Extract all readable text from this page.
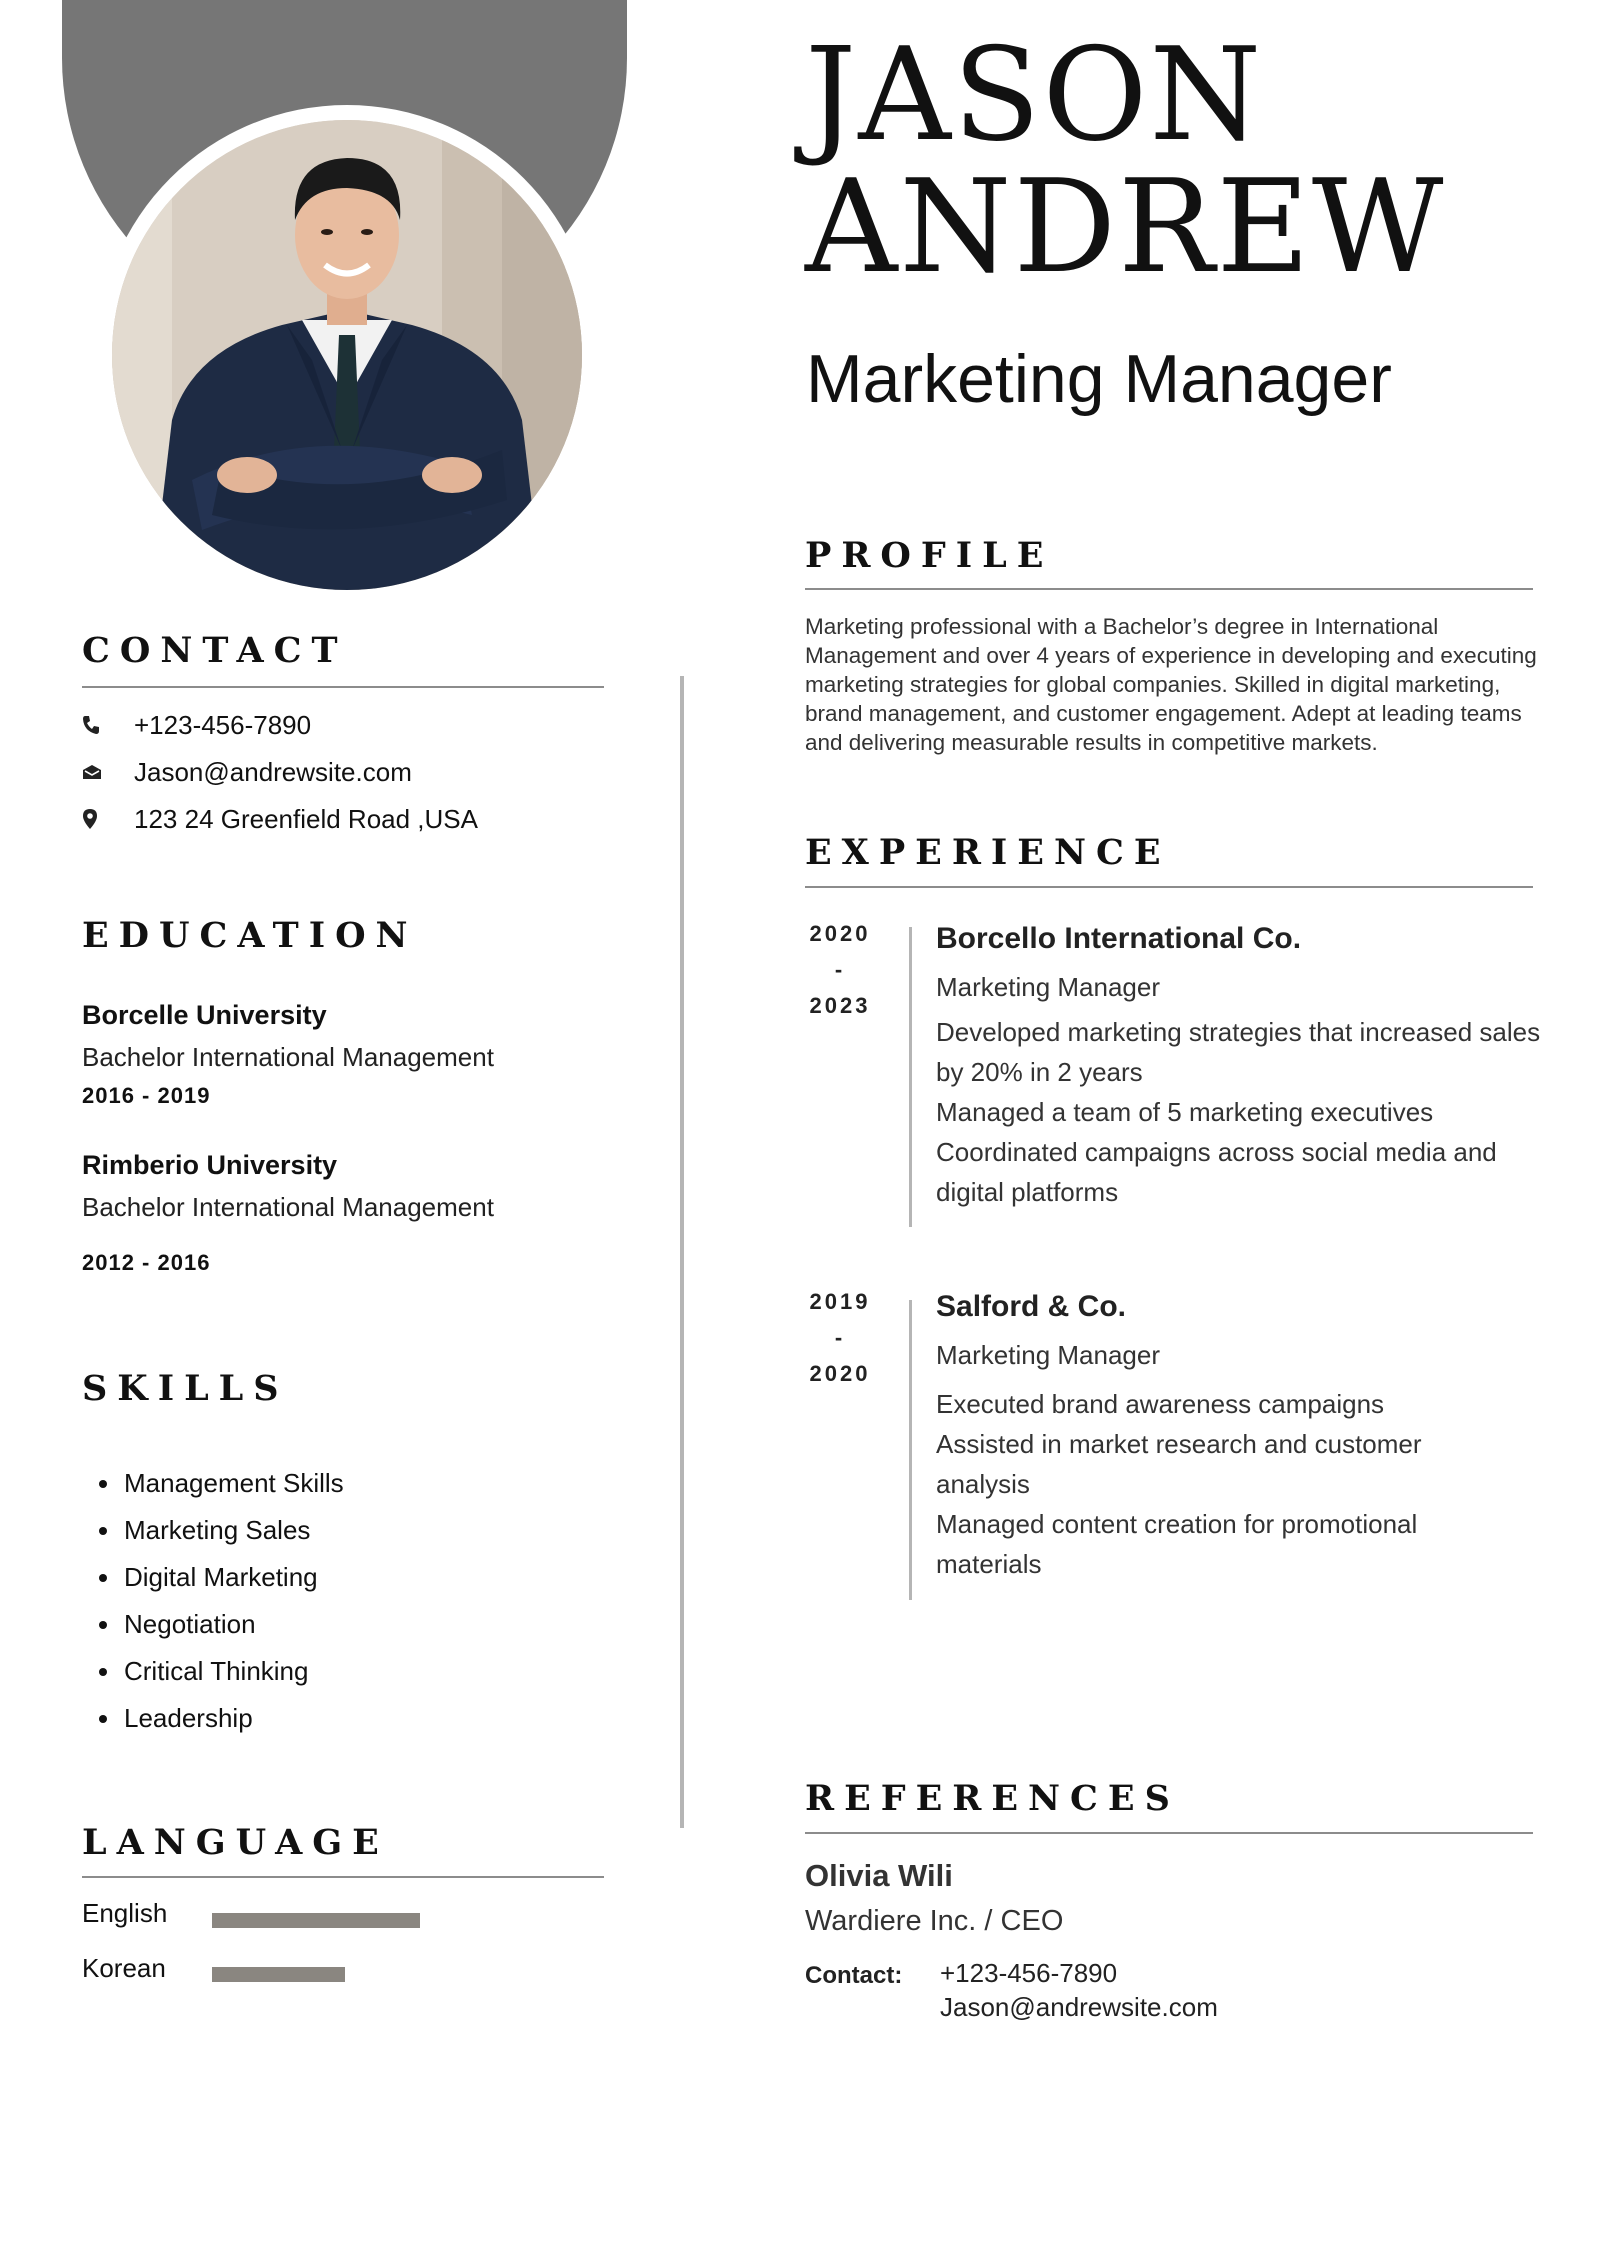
JASON
ANDREW
Marketing Manager
CONTACT
+123-456-7890
Jason@andrewsite.com
123 24 Greenfield Road ,USA
EDUCATION
Borcelle University
Bachelor International Management
2016 - 2019
Rimberio University
Bachelor International Management
2012 - 2016
SKILLS
• Management Skills
• Marketing Sales
• Digital Marketing
• Negotiation
• Critical Thinking
• Leadership
LANGUAGE
English
Korean
PROFILE
Marketing professional with a Bachelor’s degree in International Management and over 4 years of experience in developing and executing marketing strategies for global companies. Skilled in digital marketing, brand management, and customer engagement. Adept at leading teams and delivering measurable results in competitive markets.
EXPERIENCE
2020
-
2023
Borcello International Co.
Marketing Manager
Developed marketing strategies that increased sales by 20% in 2 years
Managed a team of 5 marketing executives
Coordinated campaigns across social media and digital platforms
2019
-
2020
Salford & Co.
Marketing Manager
Executed brand awareness campaigns
Assisted in market research and customer analysis
Managed content creation for promotional materials
REFERENCES
Olivia Wili
Wardiere Inc. / CEO
Contact: +123-456-7890
Jason@andrewsite.com
